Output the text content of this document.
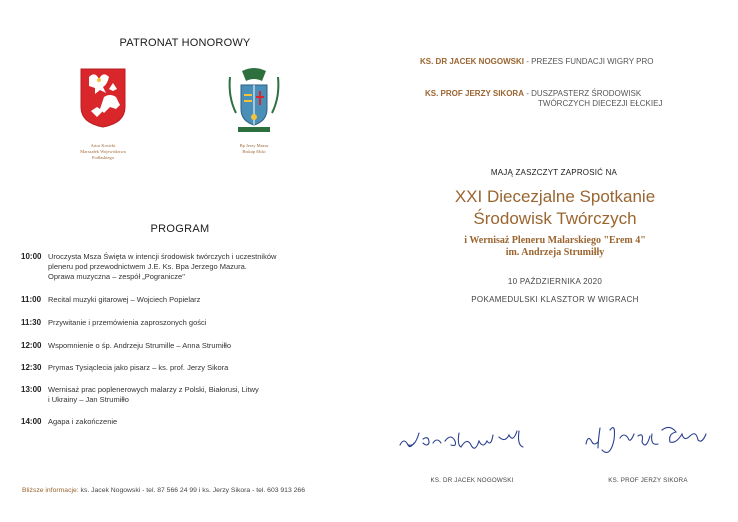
PATRONAT HONOROWY
Artur Kosicki
Marszałek Województwa
Podlaskiego
Bp Jerzy Mazur
Biskup Ełcki
PROGRAM
10:00 Uroczysta Msza Święta w intencji środowisk twórczych i uczestników
pleneru pod przewodnictwem J.E. Ks. Bpa Jerzego Mazura.
Oprawa muzyczna – zespół „Pogranicze"
11:00 Recital muzyki gitarowej – Wojciech Popielarz
11:30 Przywitanie i przemówienia zaproszonych gości
12:00 Wspomnienie o śp. Andrzeju Strumille – Anna Strumiłło
12:30 Prymas Tysiąclecia jako pisarz – ks. prof. Jerzy Sikora
13:00 Wernisaż prac poplenerowych malarzy z Polski, Białorusi, Litwy
i Ukrainy – Jan Strumiłło
14:00 Agapa i zakończenie
Bliższe informacje: ks. Jacek Nogowski - tel. 87 566 24 99 i ks. Jerzy Sikora - tel. 603 913 266
KS. DR JACEK NOGOWSKI - PREZES FUNDACJI WIGRY PRO
KS. PROF JERZY SIKORA - DUSZPASTERZ ŚRODOWISK
TWÓRCZYCH DIECEZJI EŁCKIEJ
MAJĄ ZASZCZYT ZAPROSIĆ NA
XXI Diecezjalne Spotkanie
Środowisk Twórczych
i Wernisaż Pleneru Malarskiego "Erem 4"
im. Andrzeja Strumiłły
10 PAŹDZIERNIKA 2020
POKAMEDULSKI KLASZTOR W WIGRACH
KS. DR JACEK NOGOWSKI	KS. PROF JERZY SIKORA
